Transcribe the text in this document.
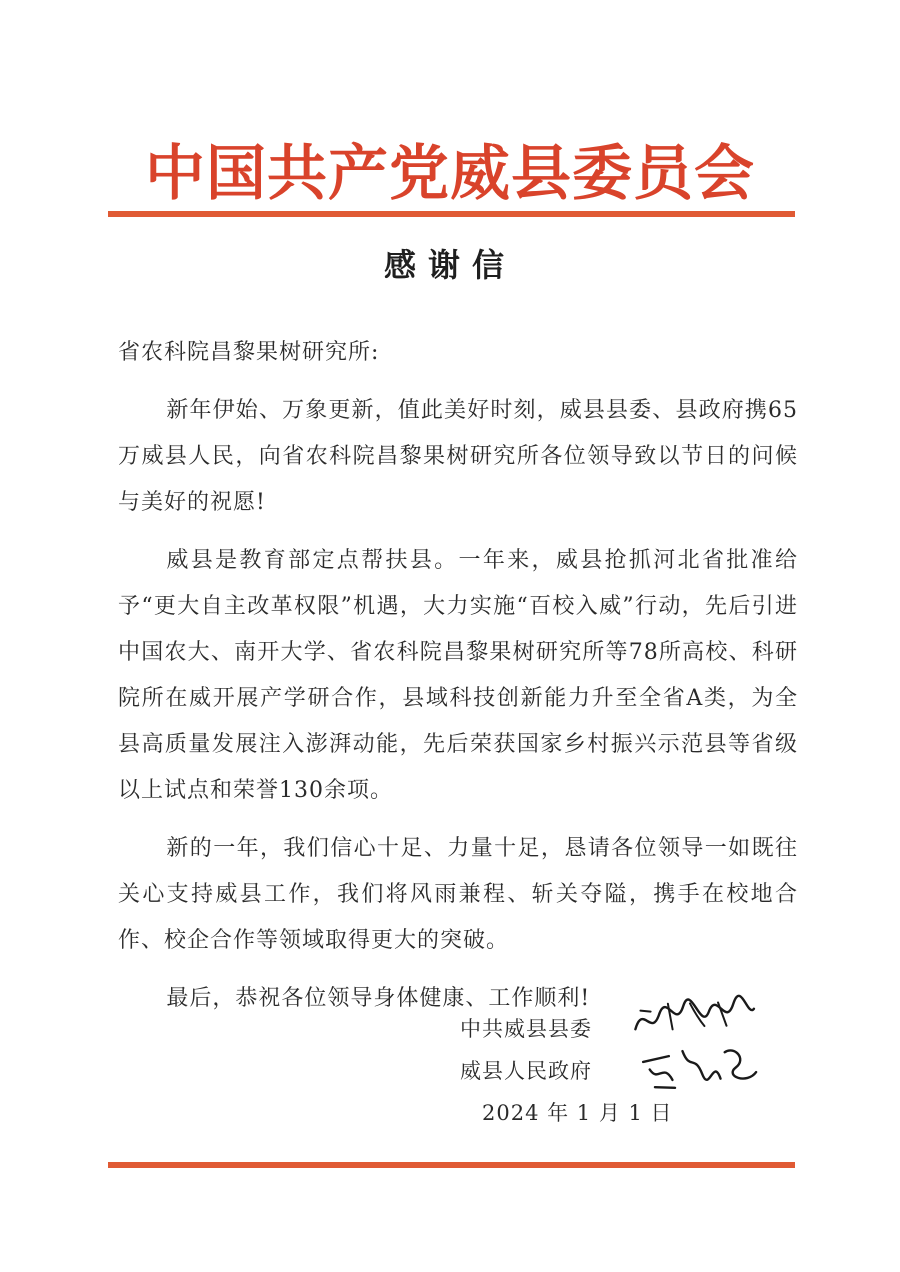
中国共产党威县委员会
感谢信

省农科院昌黎果树研究所:

新年伊始、万象更新，值此美好时刻，威县县委、县政府携65万威县人民，向省农科院昌黎果树研究所各位领导致以节日的问候与美好的祝愿!

威县是教育部定点帮扶县。一年来，威县抢抓河北省批准给予“更大自主改革权限”机遇，大力实施“百校入威”行动，先后引进中国农大、南开大学、省农科院昌黎果树研究所等78所高校、科研院所在威开展产学研合作，县域科技创新能力升至全省A类，为全县高质量发展注入澎湃动能，先后荣获国家乡村振兴示范县等省级以上试点和荣誉130余项。

新的一年，我们信心十足、力量十足，恳请各位领导一如既往关心支持威县工作，我们将风雨兼程、斩关夺隘，携手在校地合作、校企合作等领域取得更大的突破。

最后，恭祝各位领导身体健康、工作顺利!

中共威县县委
威县人民政府
2024 年 1 月 1 日
